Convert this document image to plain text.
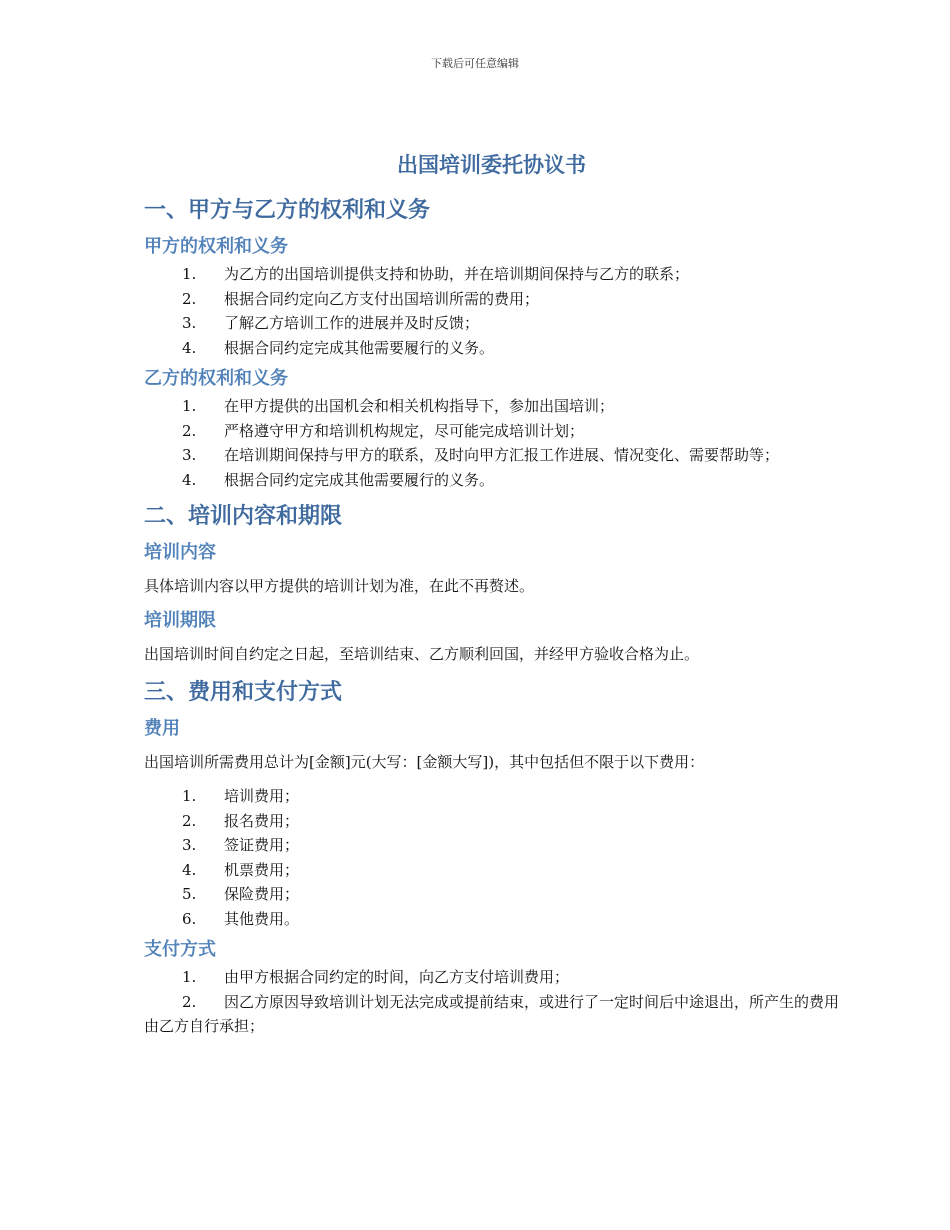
下载后可任意编辑
出国培训委托协议书
一、甲方与乙方的权利和义务
甲方的权利和义务
1.	为乙方的出国培训提供支持和协助，并在培训期间保持与乙方的联系；
2.	根据合同约定向乙方支付出国培训所需的费用；
3.	了解乙方培训工作的进展并及时反馈；
4.	根据合同约定完成其他需要履行的义务。
乙方的权利和义务
1.	在甲方提供的出国机会和相关机构指导下，参加出国培训；
2.	严格遵守甲方和培训机构规定，尽可能完成培训计划；
3.	在培训期间保持与甲方的联系，及时向甲方汇报工作进展、情况变化、需要帮助等；
4.	根据合同约定完成其他需要履行的义务。
二、培训内容和期限
培训内容

具体培训内容以甲方提供的培训计划为准，在此不再赘述。

培训期限

出国培训时间自约定之日起，至培训结束、乙方顺利回国，并经甲方验收合格为止。

三、费用和支付方式
费用

出国培训所需费用总计为[金额]元(大写：[金额大写])，其中包括但不限于以下费用：

1.	培训费用；
2.	报名费用；
3.	签证费用；
4.	机票费用；
5.	保险费用；
6.	其他费用。
支付方式
1.	由甲方根据合同约定的时间，向乙方支付培训费用；
2.	因乙方原因导致培训计划无法完成或提前结束，或进行了一定时间后中途退出，所产生的费用由乙方自行承担；
